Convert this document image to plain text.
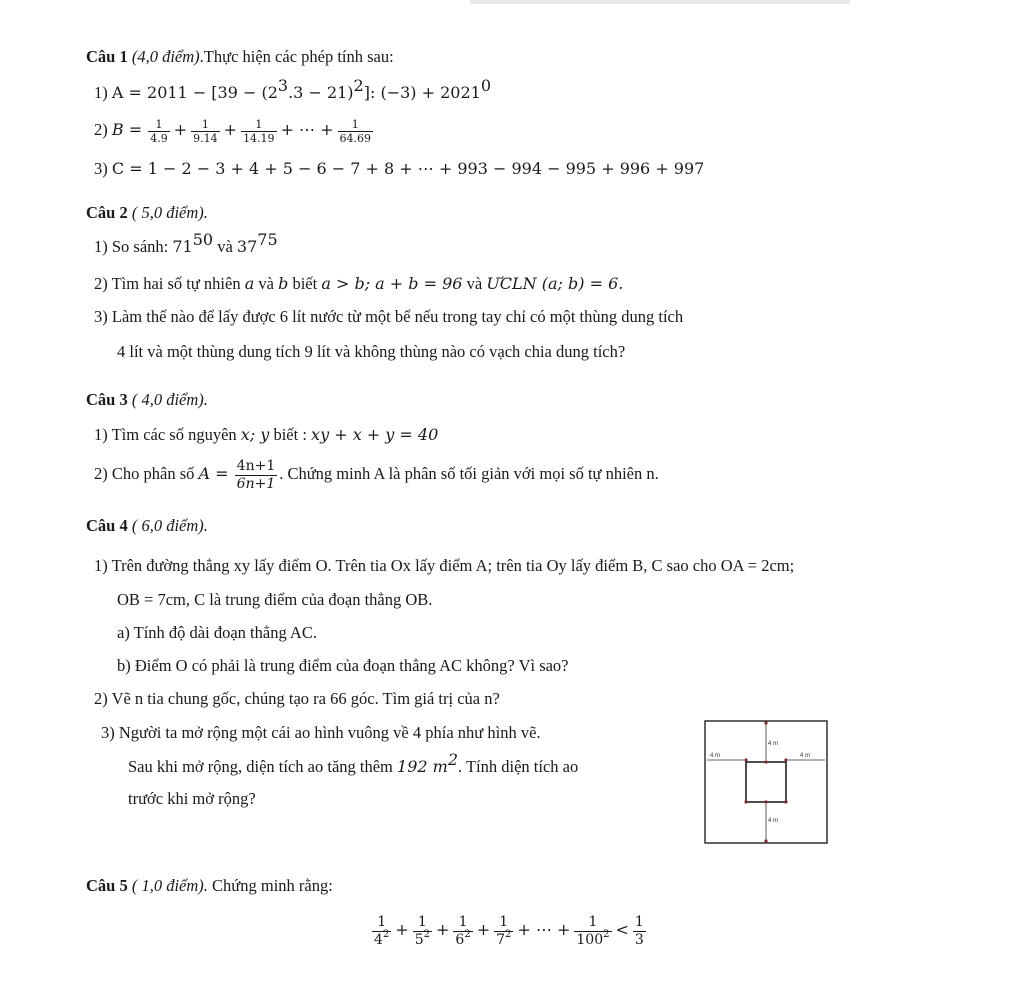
Câu 1 (4,0 điểm).Thực hiện các phép tính sau:
1) $A = 2011 - [39 - (2^3.3 - 21)^2]$: $(-3) + 2021^0$
2) $B = \frac{1}{4.9} + \frac{1}{9.14} + \frac{1}{14.19}$ + ⋯ + $\frac{1}{64.69}$
3) C = 1 − 2 − 3 + 4 + 5 − 6 − 7 + 8 + ⋯ + 993 − 994 − 995 + 996 + 997
Câu 2 ( 5,0 điểm).
1) So sánh: $71^{50}$ và $37^{75}$
2) Tìm hai số tự nhiên a và b biết a > b; a + b = 96 và ƯCLN (a; b) = 6.
3) Làm thế nào để lấy được 6 lít nước từ một bể nếu trong tay chỉ có một thùng dung tích
4 lít và một thùng dung tích 9 lít và không thùng nào có vạch chia dung tích?
Câu 3 ( 4,0 điểm).
1) Tìm các số nguyên x; y biết : xy + x + y = 40
2) Cho phân số $A = \frac{4n+1}{6n+1}$ . Chứng minh A là phân số tối giản với mọi số tự nhiên n.
Câu 4 ( 6,0 điểm).
1) Trên đường thẳng xy lấy điểm O. Trên tia Ox lấy điểm A; trên tia Oy lấy điểm B, C sao cho OA = 2cm;
OB = 7cm, C là trung điểm của đoạn thẳng OB.
a) Tính độ dài đoạn thẳng AC.
b) Điểm O có phải là trung điểm của đoạn thẳng AC không? Vì sao?
2) Vẽ n tia chung gốc, chúng tạo ra 66 góc. Tìm giá trị của n?
3) Người ta mở rộng một cái ao hình vuông về 4 phía như hình vẽ.
Sau khi mở rộng, diện tích ao tăng thêm 192 $m^2$. Tính diện tích ao
trước khi mở rộng?
4 m
4 m	4 m
4 m
Câu 5 ( 1,0 điểm). Chứng minh rằng:
$\frac{1}{4^2} + \frac{1}{5^2} + \frac{1}{6^2} + \frac{1}{7^2}$ + ⋯ + $\frac{1}{100^2} < \frac{1}{3}$
